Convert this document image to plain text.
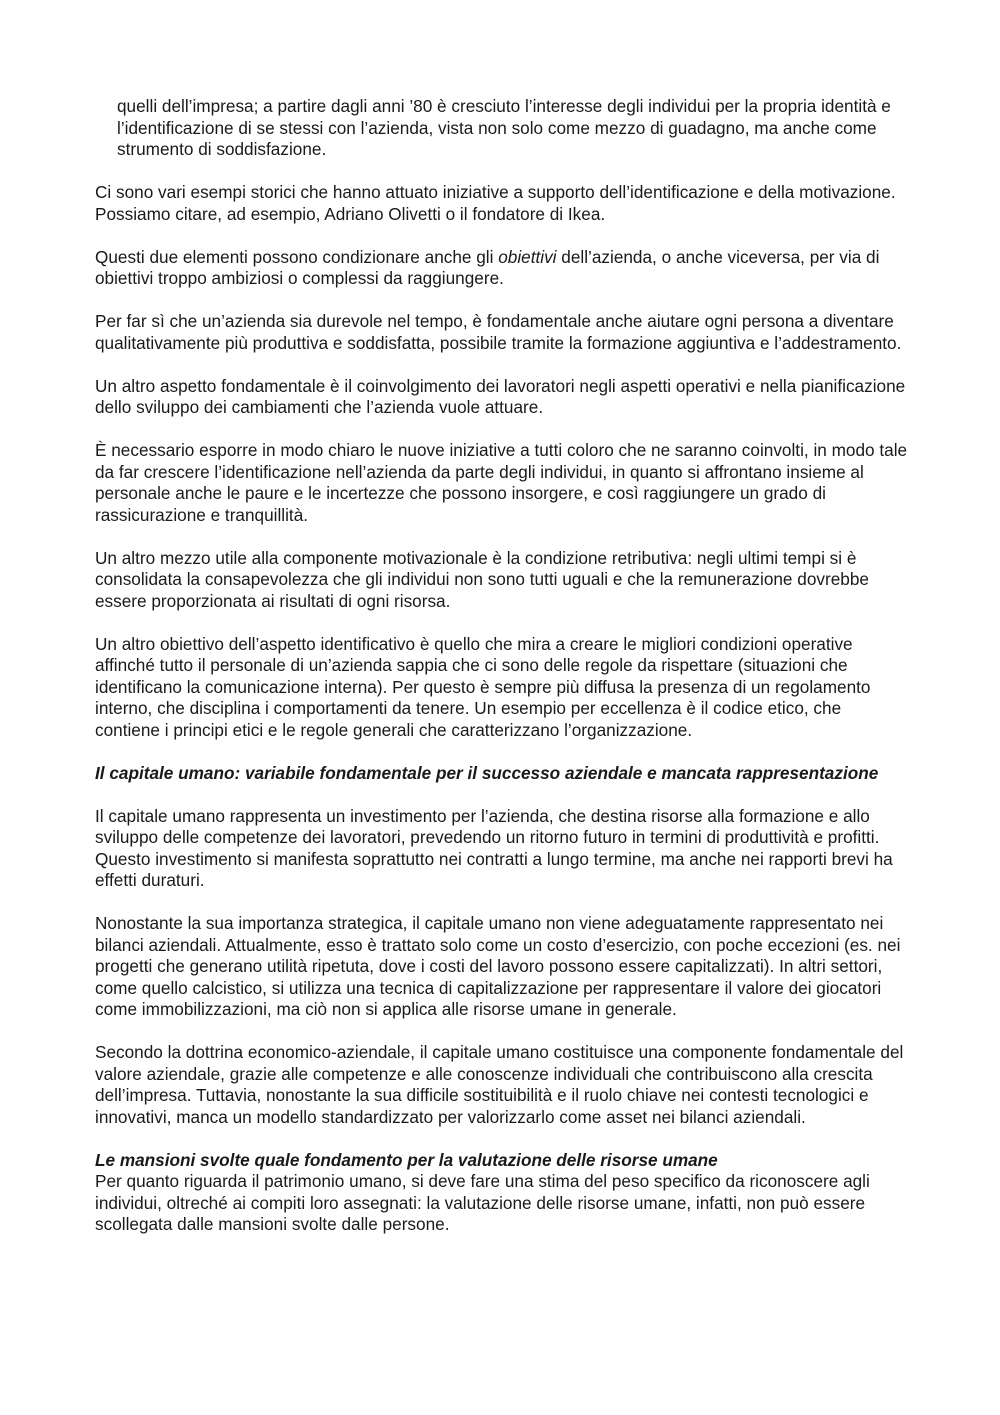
quelli dell’impresa; a partire dagli anni ’80 è cresciuto l’interesse degli individui per la propria identità e l’identificazione di se stessi con l’azienda, vista non solo come mezzo di guadagno, ma anche come strumento di soddisfazione.

Ci sono vari esempi storici che hanno attuato iniziative a supporto dell’identificazione e della motivazione. Possiamo citare, ad esempio, Adriano Olivetti o il fondatore di Ikea.

Questi due elementi possono condizionare anche gli obiettivi dell’azienda, o anche viceversa, per via di obiettivi troppo ambiziosi o complessi da raggiungere.

Per far sì che un’azienda sia durevole nel tempo, è fondamentale anche aiutare ogni persona a diventare qualitativamente più produttiva e soddisfatta, possibile tramite la formazione aggiuntiva e l’addestramento.

Un altro aspetto fondamentale è il coinvolgimento dei lavoratori negli aspetti operativi e nella pianificazione dello sviluppo dei cambiamenti che l’azienda vuole attuare.

È necessario esporre in modo chiaro le nuove iniziative a tutti coloro che ne saranno coinvolti, in modo tale da far crescere l’identificazione nell’azienda da parte degli individui, in quanto si affrontano insieme al personale anche le paure e le incertezze che possono insorgere, e così raggiungere un grado di rassicurazione e tranquillità.

Un altro mezzo utile alla componente motivazionale è la condizione retributiva: negli ultimi tempi si è consolidata la consapevolezza che gli individui non sono tutti uguali e che la remunerazione dovrebbe essere proporzionata ai risultati di ogni risorsa.

Un altro obiettivo dell’aspetto identificativo è quello che mira a creare le migliori condizioni operative affinché tutto il personale di un’azienda sappia che ci sono delle regole da rispettare (situazioni che identificano la comunicazione interna). Per questo è sempre più diffusa la presenza di un regolamento interno, che disciplina i comportamenti da tenere. Un esempio per eccellenza è il codice etico, che contiene i principi etici e le regole generali che caratterizzano l’organizzazione.

Il capitale umano: variabile fondamentale per il successo aziendale e mancata rappresentazione

Il capitale umano rappresenta un investimento per l’azienda, che destina risorse alla formazione e allo sviluppo delle competenze dei lavoratori, prevedendo un ritorno futuro in termini di produttività e profitti. Questo investimento si manifesta soprattutto nei contratti a lungo termine, ma anche nei rapporti brevi ha effetti duraturi.

Nonostante la sua importanza strategica, il capitale umano non viene adeguatamente rappresentato nei bilanci aziendali. Attualmente, esso è trattato solo come un costo d’esercizio, con poche eccezioni (es. nei progetti che generano utilità ripetuta, dove i costi del lavoro possono essere capitalizzati). In altri settori, come quello calcistico, si utilizza una tecnica di capitalizzazione per rappresentare il valore dei giocatori come immobilizzazioni, ma ciò non si applica alle risorse umane in generale.

Secondo la dottrina economico-aziendale, il capitale umano costituisce una componente fondamentale del valore aziendale, grazie alle competenze e alle conoscenze individuali che contribuiscono alla crescita dell’impresa. Tuttavia, nonostante la sua difficile sostituibilità e il ruolo chiave nei contesti tecnologici e innovativi, manca un modello standardizzato per valorizzarlo come asset nei bilanci aziendali.

Le mansioni svolte quale fondamento per la valutazione delle risorse umane

Per quanto riguarda il patrimonio umano, si deve fare una stima del peso specifico da riconoscere agli individui, oltreché ai compiti loro assegnati: la valutazione delle risorse umane, infatti, non può essere scollegata dalle mansioni svolte dalle persone.
